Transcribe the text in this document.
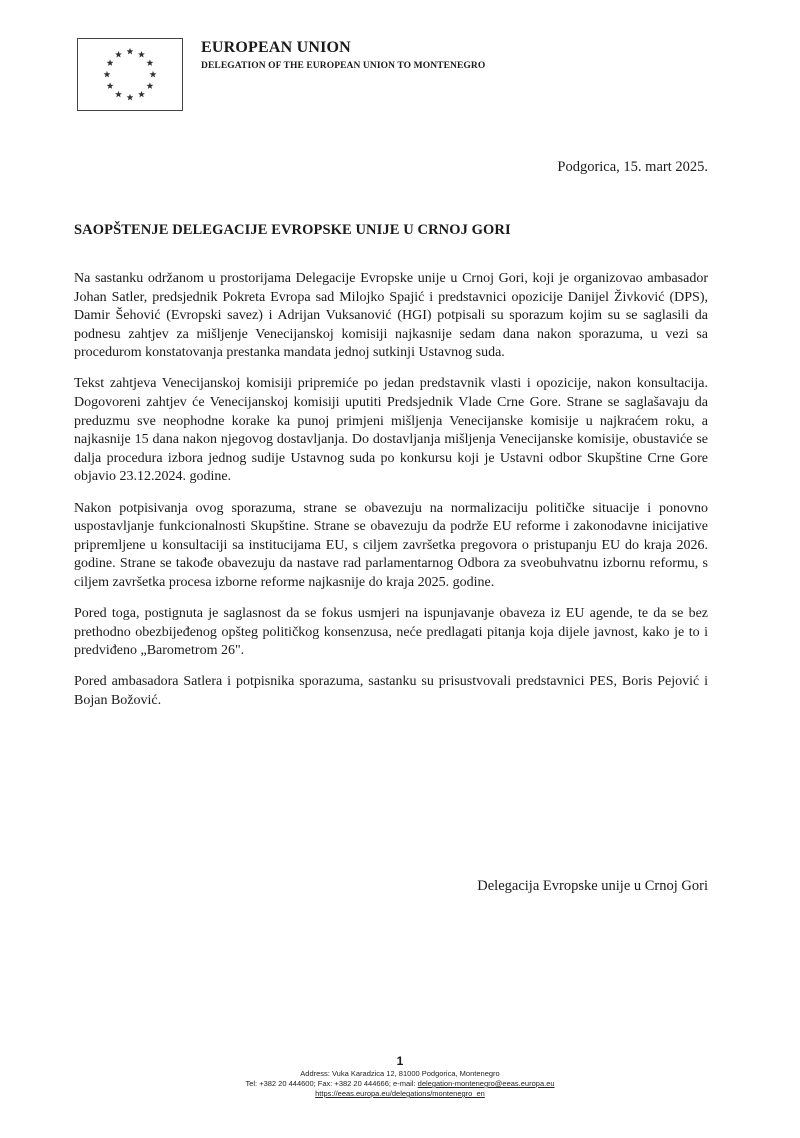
EUROPEAN UNION
DELEGATION OF THE EUROPEAN UNION TO MONTENEGRO
Podgorica, 15. mart 2025.
SAOPŠTENJE DELEGACIJE EVROPSKE UNIJE U CRNOJ GORI

Na sastanku održanom u prostorijama Delegacije Evropske unije u Crnoj Gori, koji je organizovao ambasador Johan Satler, predsjednik Pokreta Evropa sad Milojko Spajić i predstavnici opozicije Danijel Živković (DPS), Damir Šehović (Evropski savez) i Adrijan Vuksanović (HGI) potpisali su sporazum kojim su se saglasili da podnesu zahtjev za mišljenje Venecijanskoj komisiji najkasnije sedam dana nakon sporazuma, u vezi sa procedurom konstatovanja prestanka mandata jednoj sutkinji Ustavnog suda.

Tekst zahtjeva Venecijanskoj komisiji pripremiće po jedan predstavnik vlasti i opozicije, nakon konsultacija. Dogovoreni zahtjev će Venecijanskoj komisiji uputiti Predsjednik Vlade Crne Gore. Strane se saglašavaju da preduzmu sve neophodne korake ka punoj primjeni mišljenja Venecijanske komisije u najkraćem roku, a najkasnije 15 dana nakon njegovog dostavljanja. Do dostavljanja mišljenja Venecijanske komisije, obustaviće se dalja procedura izbora jednog sudije Ustavnog suda po konkursu koji je Ustavni odbor Skupštine Crne Gore objavio 23.12.2024. godine.

Nakon potpisivanja ovog sporazuma, strane se obavezuju na normalizaciju političke situacije i ponovno uspostavljanje funkcionalnosti Skupštine. Strane se obavezuju da podrže EU reforme i zakonodavne inicijative pripremljene u konsultaciji sa institucijama EU, s ciljem završetka pregovora o pristupanju EU do kraja 2026. godine. Strane se takođe obavezuju da nastave rad parlamentarnog Odbora za sveobuhvatnu izbornu reformu, s ciljem završetka procesa izborne reforme najkasnije do kraja 2025. godine.

Pored toga, postignuta je saglasnost da se fokus usmjeri na ispunjavanje obaveza iz EU agende, te da se bez prethodno obezbijeđenog opšteg političkog konsenzusa, neće predlagati pitanja koja dijele javnost, kako je to i predviđeno „Barometrom 26".

Pored ambasadora Satlera i potpisnika sporazuma, sastanku su prisustvovali predstavnici PES, Boris Pejović i Bojan Božović.

Delegacija Evropske unije u Crnoj Gori
1
Address: Vuka Karadzica 12, 81000 Podgorica, Montenegro
Tel: +382 20 444600; Fax: +382 20 444666; e-mail: delegation-montenegro@eeas.europa.eu
https://eeas.europa.eu/delegations/montenegro_en
